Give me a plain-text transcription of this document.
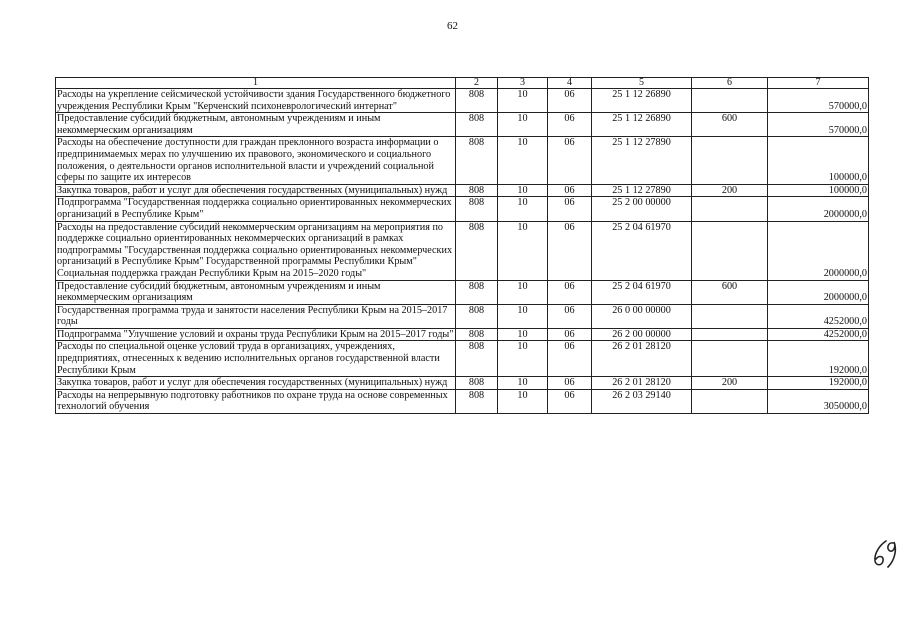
62
1	2	3	4	5	6	7
Расходы на укрепление сейсмической устойчивости здания Государственного бюджетного учреждения Республики Крым "Керченский психоневрологический интернат"	808	10	06	25 1 12 26890		570000,0
Предоставление субсидий бюджетным, автономным учреждениям и иным некоммерческим организациям	808	10	06	25 1 12 26890	600	570000,0
Расходы на обеспечение доступности для граждан преклонного возраста информации о предпринимаемых мерах по улучшению их правового, экономического и социального положения, о деятельности органов исполнительной власти и учреждений социальной сферы по защите их интересов	808	10	06	25 1 12 27890		100000,0
Закупка товаров, работ и услуг для обеспечения государственных (муниципальных) нужд	808	10	06	25 1 12 27890	200	100000,0
Подпрограмма "Государственная поддержка социально ориентированных некоммерческих организаций в Республике Крым"	808	10	06	25 2 00 00000		2000000,0
Расходы на предоставление субсидий некоммерческим организациям на мероприятия по поддержке социально ориентированных некоммерческих организаций в рамках подпрограммы "Государственная поддержка социально ориентированных некоммерческих организаций в Республике Крым" Государственной программы Республики Крым" Социальная поддержка граждан Республики Крым на 2015–2020 годы"	808	10	06	25 2 04 61970		2000000,0
Предоставление субсидий бюджетным, автономным учреждениям и иным некоммерческим организациям	808	10	06	25 2 04 61970	600	2000000,0
Государственная программа труда и занятости населения Республики Крым на 2015–2017 годы	808	10	06	26 0 00 00000		4252000,0
Подпрограмма "Улучшение условий и охраны труда Республики Крым на 2015–2017 годы"	808	10	06	26 2 00 00000		4252000,0
Расходы по специальной оценке условий труда в организациях, учреждениях, предприятиях, отнесенных к ведению исполнительных органов государственной власти Республики Крым	808	10	06	26 2 01 28120		192000,0
Закупка товаров, работ и услуг для обеспечения государственных (муниципальных) нужд	808	10	06	26 2 01 28120	200	192000,0
Расходы на непрерывную подготовку работников по охране труда на основе современных технологий обучения	808	10	06	26 2 03 29140		3050000,0
